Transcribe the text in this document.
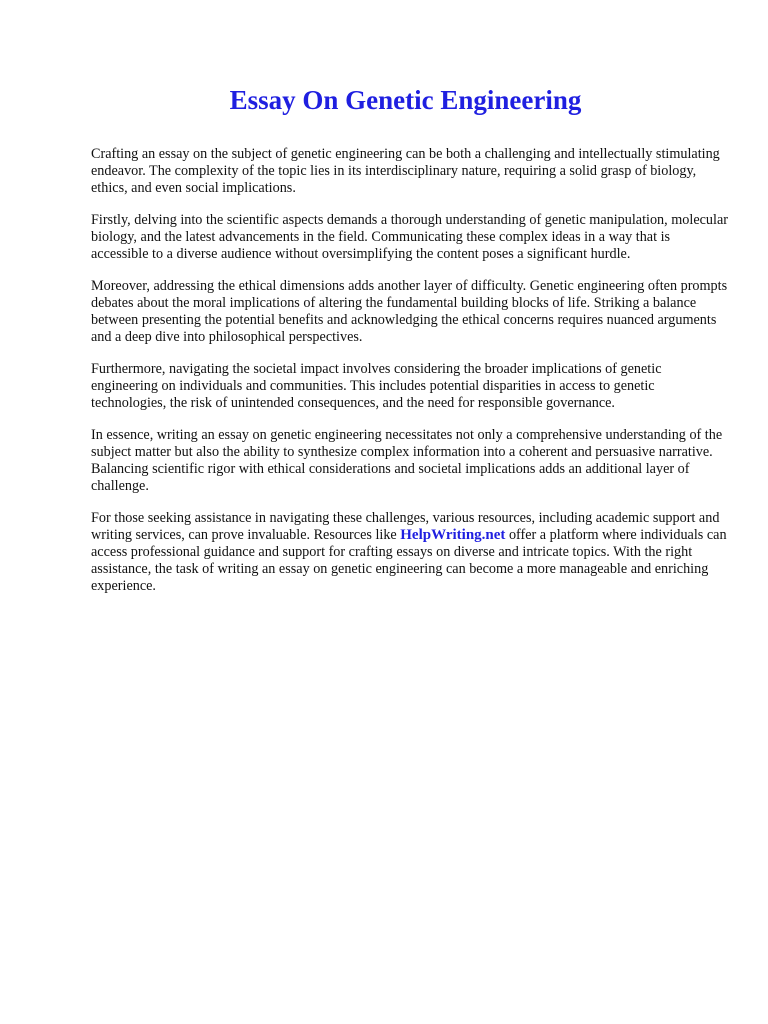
Essay On Genetic Engineering

Crafting an essay on the subject of genetic engineering can be both a challenging and intellectually stimulating endeavor. The complexity of the topic lies in its interdisciplinary nature, requiring a solid grasp of biology, ethics, and even social implications.

Firstly, delving into the scientific aspects demands a thorough understanding of genetic manipulation, molecular biology, and the latest advancements in the field. Communicating these complex ideas in a way that is accessible to a diverse audience without oversimplifying the content poses a significant hurdle.

Moreover, addressing the ethical dimensions adds another layer of difficulty. Genetic engineering often prompts debates about the moral implications of altering the fundamental building blocks of life. Striking a balance between presenting the potential benefits and acknowledging the ethical concerns requires nuanced arguments and a deep dive into philosophical perspectives.

Furthermore, navigating the societal impact involves considering the broader implications of genetic engineering on individuals and communities. This includes potential disparities in access to genetic technologies, the risk of unintended consequences, and the need for responsible governance.

In essence, writing an essay on genetic engineering necessitates not only a comprehensive understanding of the subject matter but also the ability to synthesize complex information into a coherent and persuasive narrative. Balancing scientific rigor with ethical considerations and societal implications adds an additional layer of challenge.

For those seeking assistance in navigating these challenges, various resources, including academic support and writing services, can prove invaluable. Resources like HelpWriting.net offer a platform where individuals can access professional guidance and support for crafting essays on diverse and intricate topics. With the right assistance, the task of writing an essay on genetic engineering can become a more manageable and enriching experience.
